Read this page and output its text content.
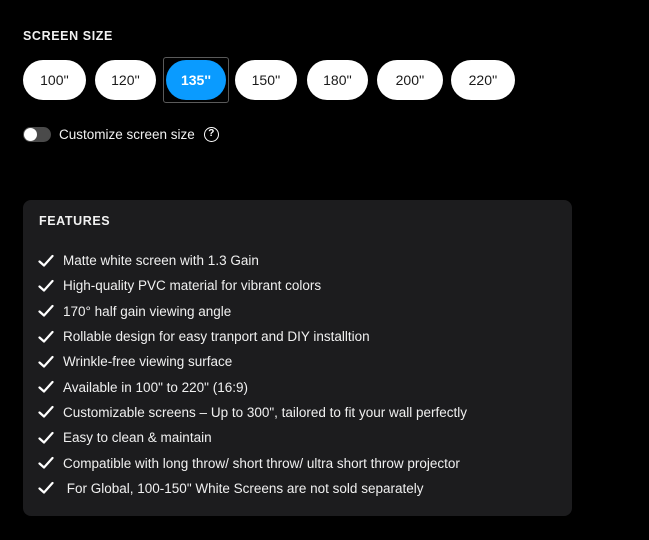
SCREEN SIZE
100''	120''	135''	150''	180''	200''	220''
Customize screen size	?
FEATURES
Matte white screen with 1.3 Gain
High-quality PVC material for vibrant colors
170° half gain viewing angle
Rollable design for easy tranport and DIY installtion
Wrinkle-free viewing surface
Available in 100" to 220" (16:9)
Customizable screens – Up to 300", tailored to fit your wall perfectly
Easy to clean & maintain
Compatible with long throw/ short throw/ ultra short throw projector
For Global, 100-150" White Screens are not sold separately
